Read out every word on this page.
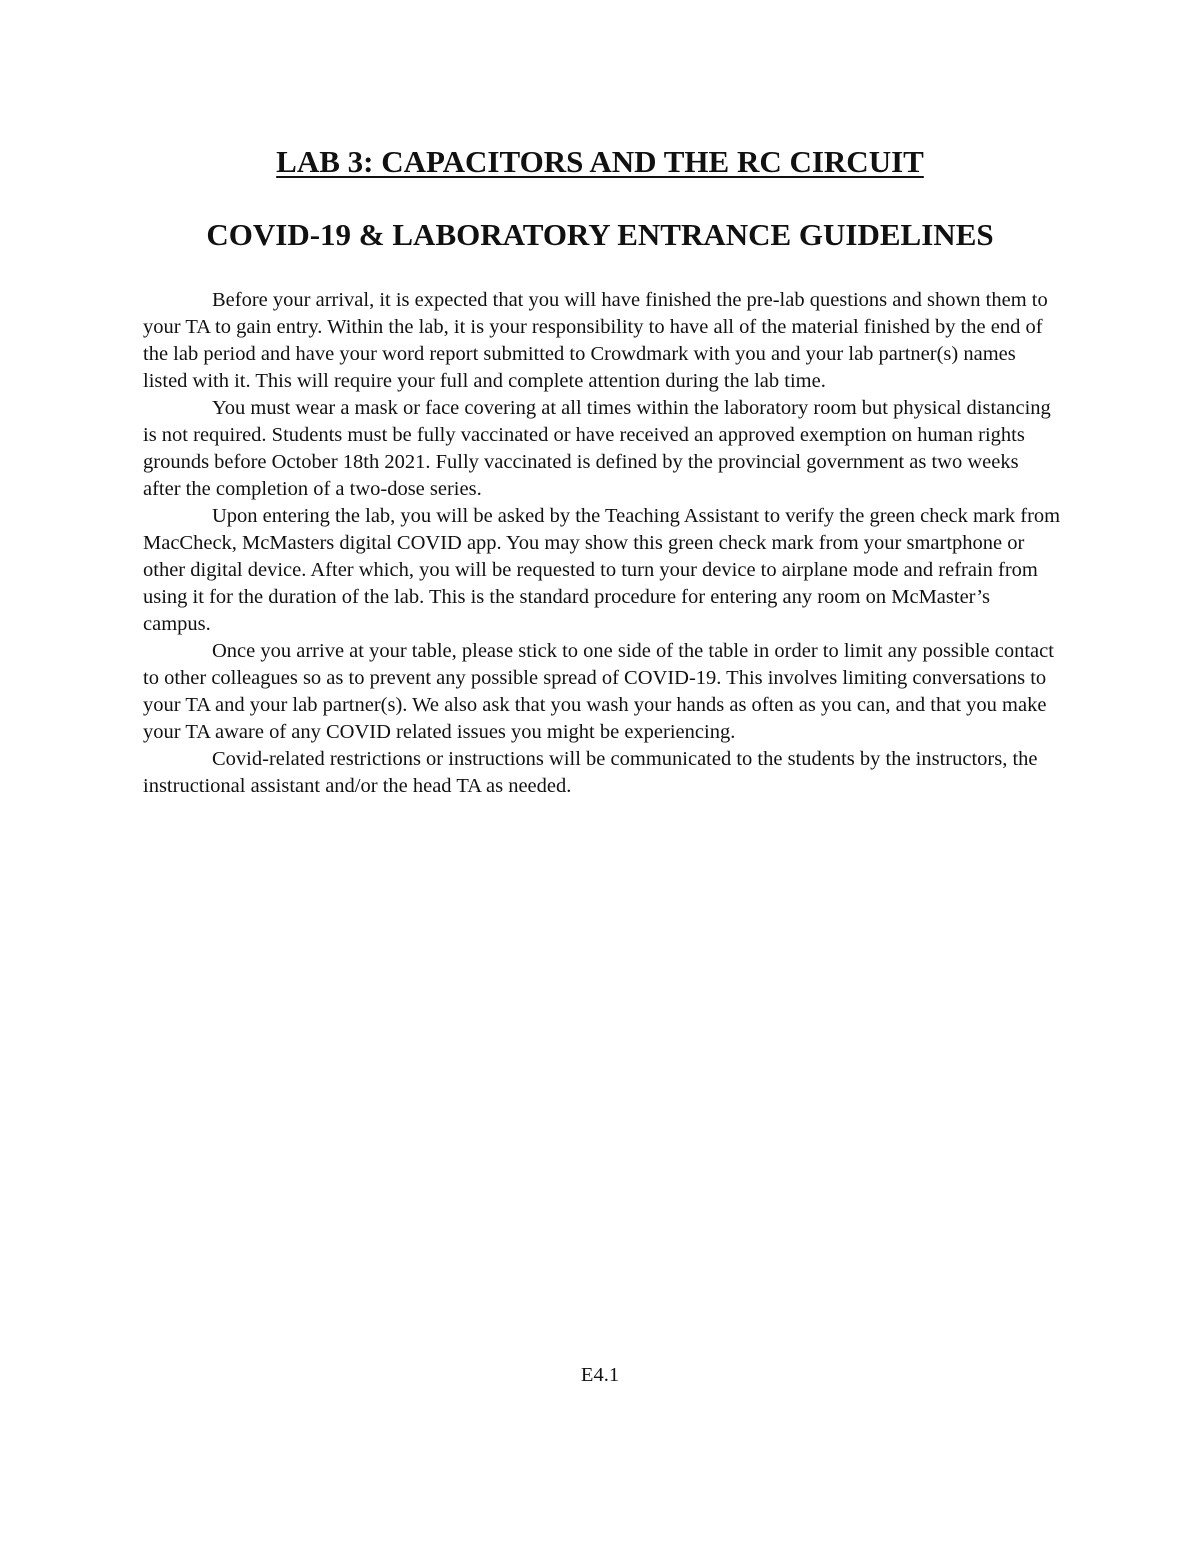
LAB 3: CAPACITORS AND THE RC CIRCUIT
COVID-19 & LABORATORY ENTRANCE GUIDELINES

Before your arrival, it is expected that you will have finished the pre-lab questions and shown them to your TA to gain entry. Within the lab, it is your responsibility to have all of the material finished by the end of the lab period and have your word report submitted to Crowdmark with you and your lab partner(s) names listed with it. This will require your full and complete attention during the lab time.

You must wear a mask or face covering at all times within the laboratory room but physical distancing is not required. Students must be fully vaccinated or have received an approved exemption on human rights grounds before October 18th 2021. Fully vaccinated is defined by the provincial government as two weeks after the completion of a two-dose series.

Upon entering the lab, you will be asked by the Teaching Assistant to verify the green check mark from MacCheck, McMasters digital COVID app. You may show this green check mark from your smartphone or other digital device. After which, you will be requested to turn your device to airplane mode and refrain from using it for the duration of the lab. This is the standard procedure for entering any room on McMaster’s campus.

Once you arrive at your table, please stick to one side of the table in order to limit any possible contact to other colleagues so as to prevent any possible spread of COVID-19. This involves limiting conversations to your TA and your lab partner(s). We also ask that you wash your hands as often as you can, and that you make your TA aware of any COVID related issues you might be experiencing.

Covid-related restrictions or instructions will be communicated to the students by the instructors, the instructional assistant and/or the head TA as needed.

E4.1
